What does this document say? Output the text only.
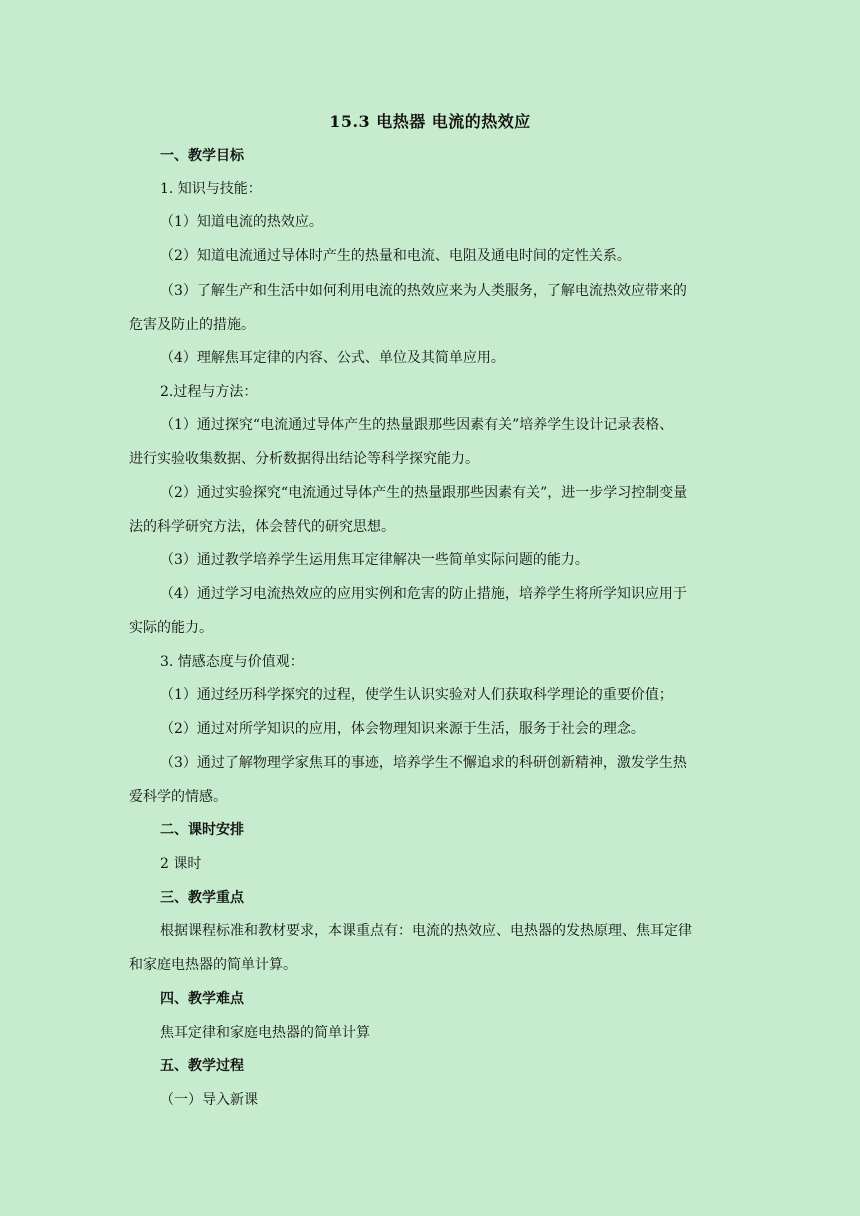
15.3 电热器 电流的热效应
一、教学目标
1. 知识与技能：
（1）知道电流的热效应。
（2）知道电流通过导体时产生的热量和电流、电阻及通电时间的定性关系。
（3）了解生产和生活中如何利用电流的热效应来为人类服务，了解电流热效应带来的
危害及防止的措施。
（4）理解焦耳定律的内容、公式、单位及其简单应用。
2.过程与方法：
（1）通过探究“电流通过导体产生的热量跟那些因素有关”培养学生设计记录表格、
进行实验收集数据、分析数据得出结论等科学探究能力。
（2）通过实验探究“电流通过导体产生的热量跟那些因素有关”，进一步学习控制变量
法的科学研究方法，体会替代的研究思想。
（3）通过教学培养学生运用焦耳定律解决一些简单实际问题的能力。
（4）通过学习电流热效应的应用实例和危害的防止措施，培养学生将所学知识应用于
实际的能力。
3. 情感态度与价值观：
（1）通过经历科学探究的过程，使学生认识实验对人们获取科学理论的重要价值；
（2）通过对所学知识的应用，体会物理知识来源于生活，服务于社会的理念。
（3）通过了解物理学家焦耳的事迹，培养学生不懈追求的科研创新精神，激发学生热
爱科学的情感。
二、课时安排
2 课时
三、教学重点
根据课程标准和教材要求，本课重点有：电流的热效应、电热器的发热原理、焦耳定律
和家庭电热器的简单计算。
四、教学难点
焦耳定律和家庭电热器的简单计算
五、教学过程
（一）导入新课
